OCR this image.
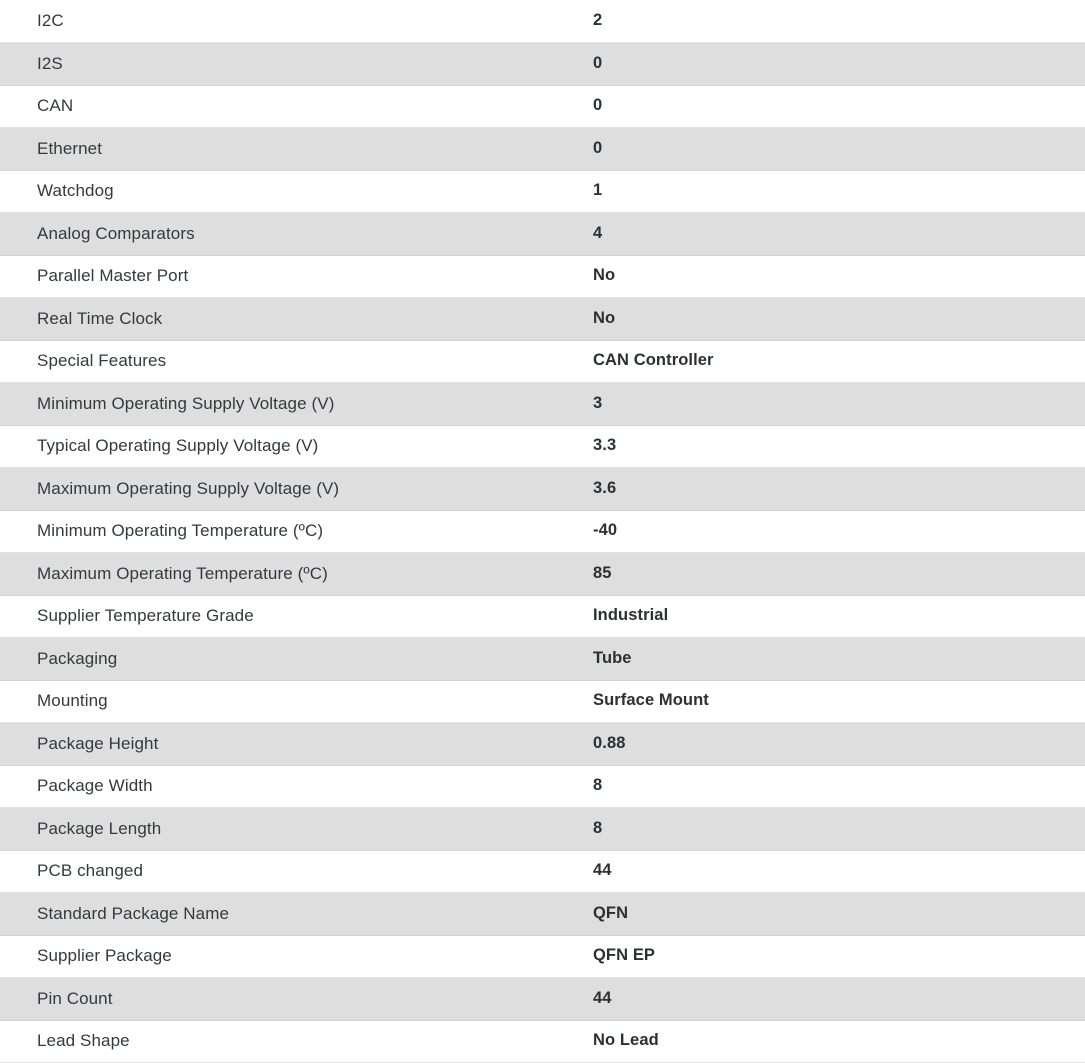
I2C	2
I2S	0
CAN	0
Ethernet	0
Watchdog	1
Analog Comparators	4
Parallel Master Port	No
Real Time Clock	No
Special Features	CAN Controller
Minimum Operating Supply Voltage (V)	3
Typical Operating Supply Voltage (V)	3.3
Maximum Operating Supply Voltage (V)	3.6
Minimum Operating Temperature (ºC)	-40
Maximum Operating Temperature (ºC)	85
Supplier Temperature Grade	Industrial
Packaging	Tube
Mounting	Surface Mount
Package Height	0.88
Package Width	8
Package Length	8
PCB changed	44
Standard Package Name	QFN
Supplier Package	QFN EP
Pin Count	44
Lead Shape	No Lead
